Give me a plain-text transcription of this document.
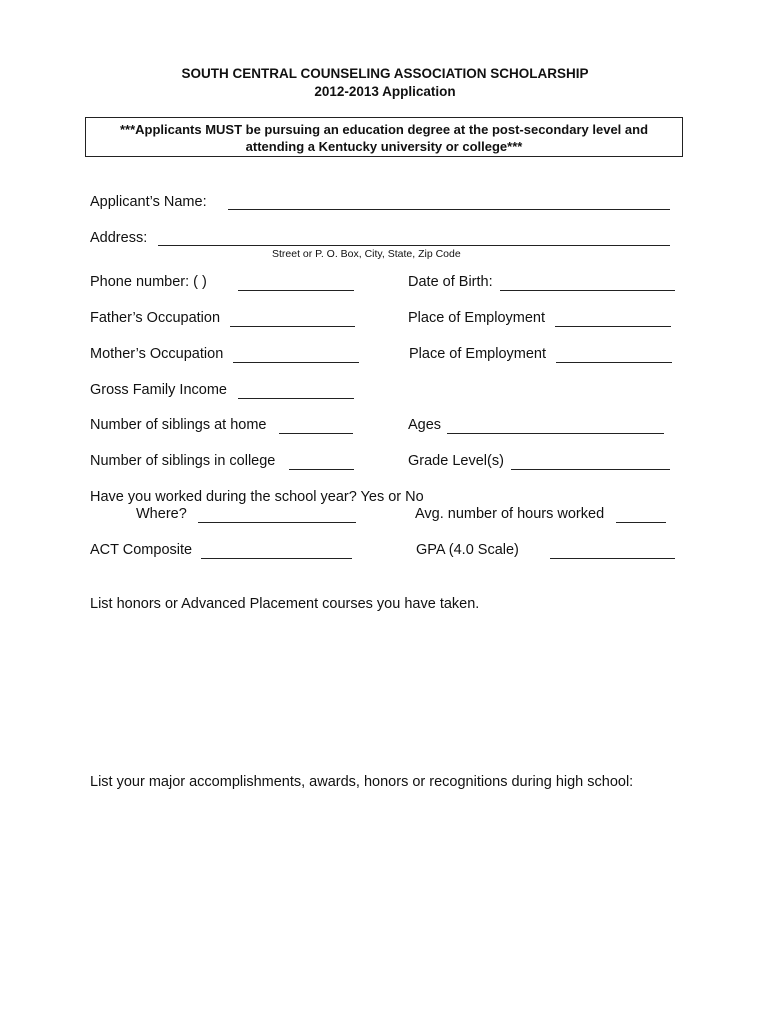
SOUTH CENTRAL COUNSELING ASSOCIATION SCHOLARSHIP
2012-2013 Application
***Applicants MUST be pursuing an education degree at the post-secondary level and
attending a Kentucky university or college***
Applicant’s Name:
Address:
Street or P. O. Box, City, State, Zip Code
Phone number: ( )	Date of Birth:
Father’s Occupation	Place of Employment
Mother’s Occupation	Place of Employment
Gross Family Income
Number of siblings at home	Ages
Number of siblings in college	Grade Level(s)
Have you worked during the school year? Yes or No
Where?	Avg. number of hours worked
ACT Composite	GPA (4.0 Scale)
List honors or Advanced Placement courses you have taken.
List your major accomplishments, awards, honors or recognitions during high school:
